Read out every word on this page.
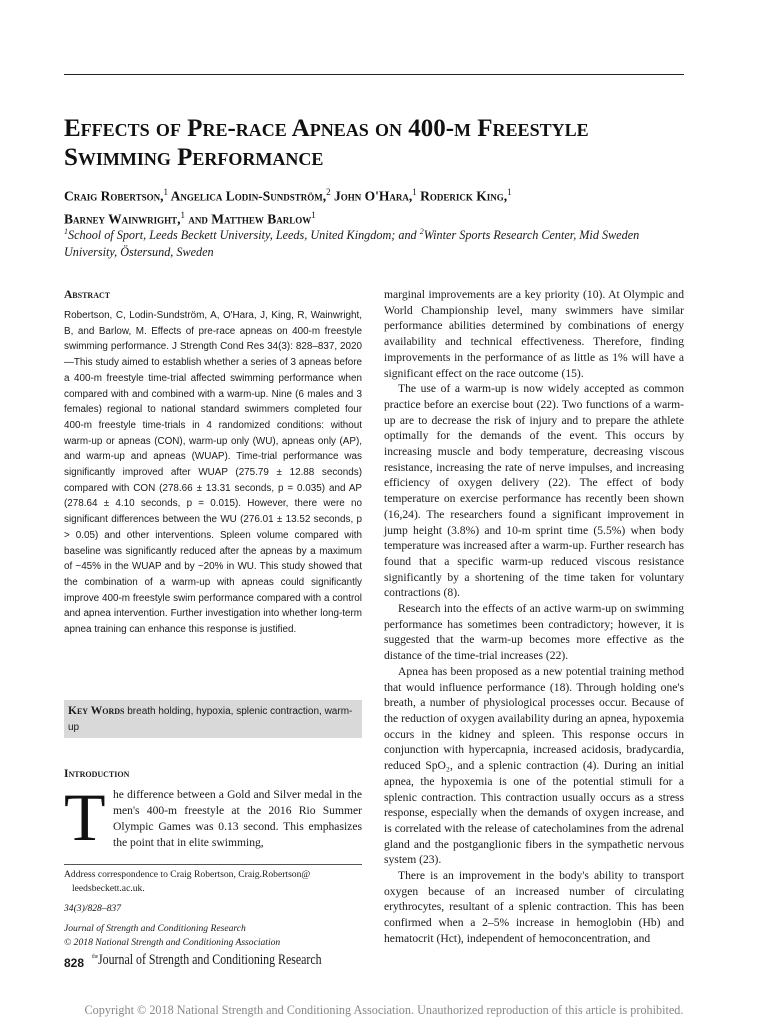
Effects of Pre-race Apneas on 400-m Freestyle
Swimming Performance
Craig Robertson,$^1$ Angelica Lodin-Sundström,$^2$ John O'Hara,$^1$ Roderick King,$^1$
Barney Wainwright,$^1$ and Matthew Barlow$^1$
$^1$School of Sport, Leeds Beckett University, Leeds, United Kingdom; and $^2$Winter Sports Research Center, Mid Sweden
University, Östersund, Sweden
Abstract

Robertson, C, Lodin-Sundström, A, O'Hara, J, King, R, Wainwright, B, and Barlow, M. Effects of pre-race apneas on 400-m freestyle swimming performance. J Strength Cond Res 34(3): 828–837, 2020—This study aimed to establish whether a series of 3 apneas before a 400-m freestyle time-trial affected swimming performance when compared with and combined with a warm-up. Nine (6 males and 3 females) regional to national standard swimmers completed four 400-m freestyle time-trials in 4 randomized conditions: without warm-up or apneas (CON), warm-up only (WU), apneas only (AP), and warm-up and apneas (WUAP). Time-trial performance was significantly improved after WUAP (275.79 ± 12.88 seconds) compared with CON (278.66 ± 13.31 seconds, p = 0.035) and AP (278.64 ± 4.10 seconds, p = 0.015). However, there were no significant differences between the WU (276.01 ± 13.52 seconds, p > 0.05) and other interventions. Spleen volume compared with baseline was significantly reduced after the apneas by a maximum of ~45% in the WUAP and by ~20% in WU. This study showed that the combination of a warm-up with apneas could significantly improve 400-m freestyle swim performance compared with a control and apnea intervention. Further investigation into whether long-term apnea training can enhance this response is justified.

Key Words breath holding, hypoxia, splenic contraction, warm-up
Introduction
T he difference between a Gold and Silver medal in the men's 400-m freestyle at the 2016 Rio Summer Olympic Games was 0.13 second. This emphasizes the point that in elite swimming,

Address correspondence to Craig Robertson, Craig.Robertson@
leedsbeckett.ac.uk.
34(3)/828–837
Journal of Strength and Conditioning Research
© 2018 National Strength and Conditioning Association
828 $^{the}$Journal of Strength and Conditioning Research

marginal improvements are a key priority (10). At Olympic and World Championship level, many swimmers have similar performance abilities determined by combinations of energy availability and technical effectiveness. Therefore, finding improvements in the performance of as little as 1% will have a significant effect on the race outcome (15).

The use of a warm-up is now widely accepted as common practice before an exercise bout (22). Two functions of a warm-up are to decrease the risk of injury and to prepare the athlete optimally for the demands of the event. This occurs by increasing muscle and body temperature, decreasing viscous resistance, increasing the rate of nerve impulses, and increasing efficiency of oxygen delivery (22). The effect of body temperature on exercise performance has recently been shown (16,24). The researchers found a significant improvement in jump height (3.8%) and 10-m sprint time (5.5%) when body temperature was increased after a warm-up. Further research has found that a specific warm-up reduced viscous resistance significantly by a shortening of the time taken for voluntary contractions (8).

Research into the effects of an active warm-up on swimming performance has sometimes been contradictory; however, it is suggested that the warm-up becomes more effective as the distance of the time-trial increases (22).

Apnea has been proposed as a new potential training method that would influence performance (18). Through holding one's breath, a number of physiological processes occur. Because of the reduction of oxygen availability during an apnea, hypoxemia occurs in the kidney and spleen. This response occurs in conjunction with hypercapnia, increased acidosis, bradycardia, reduced SpO₂, and a splenic contraction (4). During an initial apnea, the hypoxemia is one of the potential stimuli for a splenic contraction. This contraction usually occurs as a stress response, especially when the demands of oxygen increase, and is correlated with the release of catecholamines from the adrenal gland and the postganglionic fibers in the sympathetic nervous system (23).

There is an improvement in the body's ability to transport oxygen because of an increased number of circulating erythrocytes, resultant of a splenic contraction. This has been confirmed when a 2–5% increase in hemoglobin (Hb) and hematocrit (Hct), independent of hemoconcentration, and

Copyright © 2018 National Strength and Conditioning Association. Unauthorized reproduction of this article is prohibited.
